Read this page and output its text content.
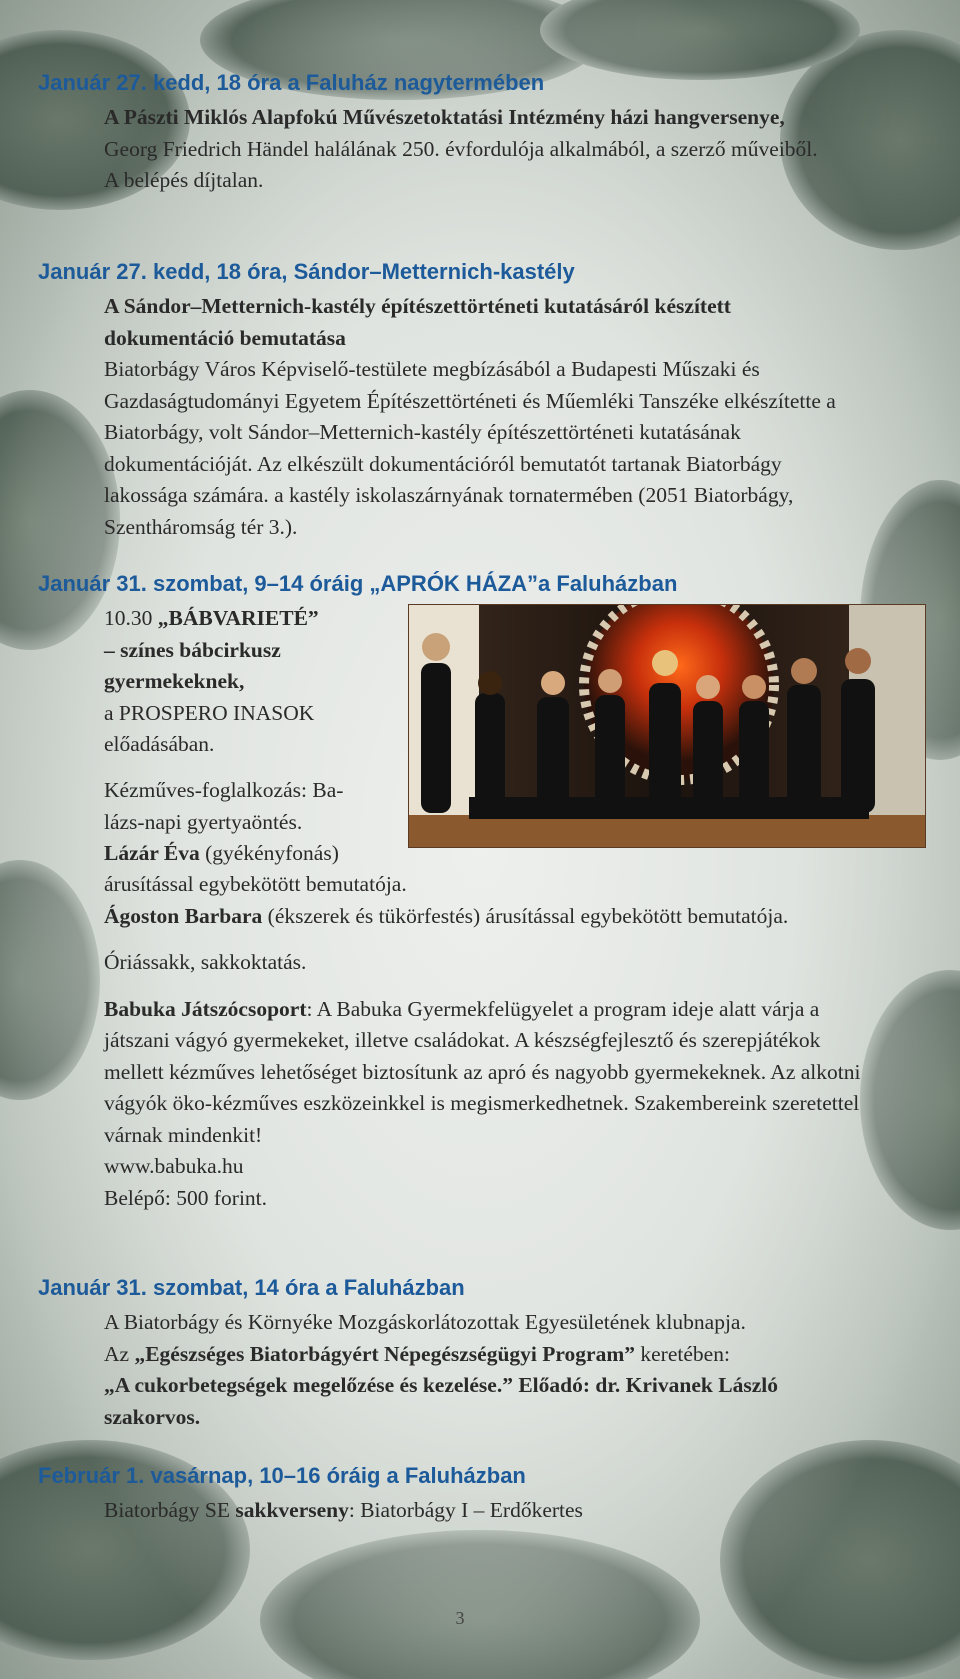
Január 27. kedd, 18 óra a Faluház nagytermében

A Pászti Miklós Alapfokú Művészetoktatási Intézmény házi hangversenye,

Georg Friedrich Händel halálának 250. évfordulója alkalmából, a szerző műveiből.

A belépés díjtalan.

Január 27. kedd, 18 óra, Sándor–Metternich-kastély

A Sándor–Metternich-kastély építészettörténeti kutatásáról készített dokumentáció bemutatása

Biatorbágy Város Képviselő-testülete megbízásából a Budapesti Műszaki és Gazdaságtudományi Egyetem Építészettörténeti és Műemléki Tanszéke elkészítette a Biatorbágy, volt Sándor–Metternich-kastély építészettörténeti kutatásának dokumentációját. Az elkészült dokumentációról bemutatót tartanak Biatorbágy lakossága számára. a kastély iskolaszárnyának tornatermében (2051 Biatorbágy, Szentháromság tér 3.).

Január 31. szombat, 9–14 óráig „APRÓK HÁZA”a Faluházban

10.30 „BÁBVARIETÉ”

– színes bábcirkusz

gyermekeknek,

a PROSPERO INASOK

előadásában.

Kézműves-foglalkozás: Ba-

lázs-napi gyertyaöntés.

Lázár Éva (gyékényfonás)

árusítással egybekötött bemutatója.

Ágoston Barbara (ékszerek és tükörfestés) árusítással egybekötött bemutatója.

Óriássakk, sakkoktatás.

Babuka Játszócsoport: A Babuka Gyermekfelügyelet a program ideje alatt várja a játszani vágyó gyermekeket, illetve családokat. A készségfejlesztő és szerepjátékok mellett kézműves lehetőséget biztosítunk az apró és nagyobb gyermekeknek. Az alkotni vágyók öko-kézműves eszközeinkkel is megismerkedhetnek. Szakembereink szeretettel várnak mindenkit!

www.babuka.hu

Belépő: 500 forint.

Január 31. szombat, 14 óra a Faluházban

A Biatorbágy és Környéke Mozgáskorlátozottak Egyesületének klubnapja.

Az „Egészséges Biatorbágyért Népegészségügyi Program” keretében:

„A cukorbetegségek megelőzése és kezelése.” Előadó: dr. Krivanek László szakorvos.

Február 1. vasárnap, 10–16 óráig a Faluházban

Biatorbágy SE sakkverseny: Biatorbágy I – Erdőkertes

3
